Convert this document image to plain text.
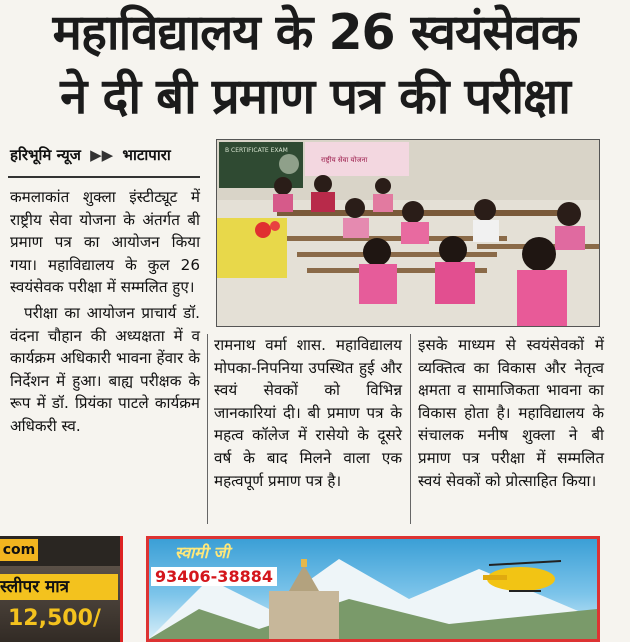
महाविद्यालय के 26 स्वयंसेवक
ने दी बी प्रमाण पत्र की परीक्षा
हरिभूमि न्यूज ▶▶ भाटापारा

कमलाकांत शुक्ला इंस्टीट्यूट में राष्ट्रीय सेवा योजना के अंतर्गत बी प्रमाण पत्र का आयोजन किया गया। महाविद्यालय के कुल 26 स्वयंसेवक परीक्षा में सम्मलित हुए।

परीक्षा का आयोजन प्राचार्य डॉ. वंदना चौहान की अध्यक्षता में व कार्यक्रम अधिकारी भावना हेंवार के निर्देशन में हुआ। बाह्य परीक्षक के रूप में डॉ. प्रियंका पाटले कार्यक्रम अधिकरी स्व.

B CERTIFICATE EXAM
राष्ट्रीय सेवा योजना

रामनाथ वर्मा शास. महाविद्यालय मोपका-निपनिया उपस्थित हुई और स्वयं सेवकों को विभिन्न जानकारियां दी। बी प्रमाण पत्र के महत्व कॉलेज में रासेयो के दूसरे वर्ष के बाद मिलने वाला एक महत्वपूर्ण प्रमाण पत्र है।

इसके माध्यम से स्वयंसेवकों में व्यक्तित्व का विकास और नेतृत्व क्षमता व सामाजिकता भावना का विकास होता है। महाविद्यालय के संचालक मनीष शुक्ला ने बी प्रमाण पत्र परीक्षा में सम्मलित स्वयं सेवकों को प्रोत्साहित किया।

com
स्लीपर मात्र
12,500/
स्वामी जी
93406-38884
